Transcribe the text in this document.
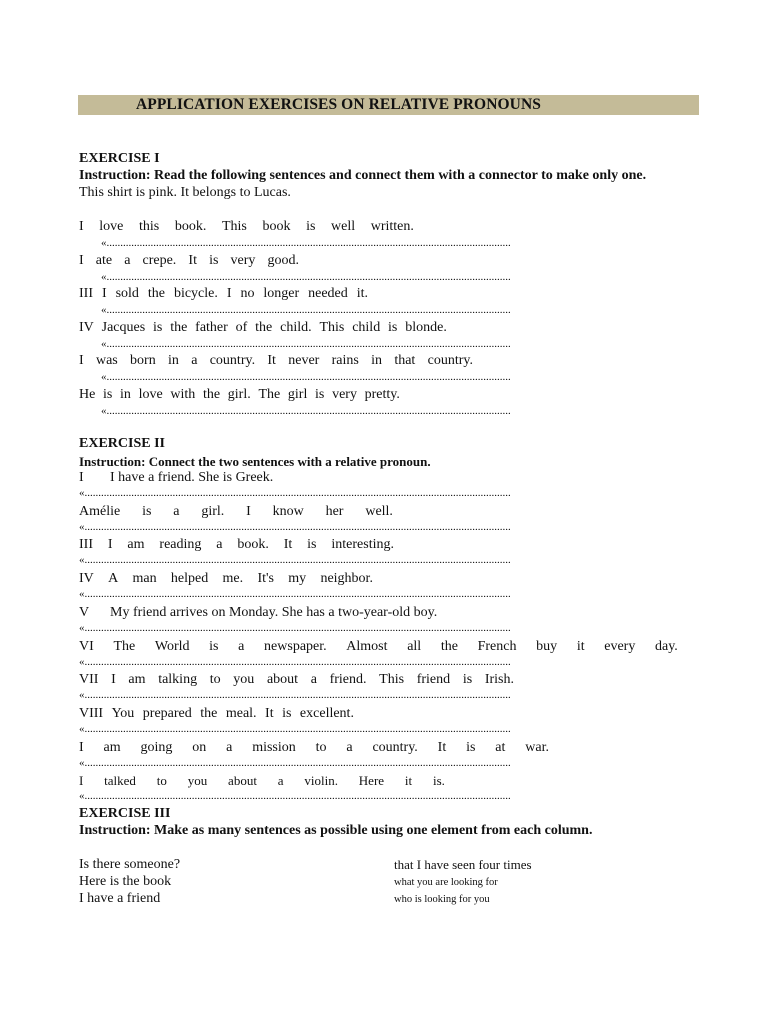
APPLICATION EXERCISES ON RELATIVE PRONOUNS
EXERCISE I
Instruction: Read the following sentences and connect them with a connector to make only one.
This shirt is pink. It belongs to Lucas.
I love this book. This book is well written.
«...................................................................................................................................................
I ate a crepe. It is very good.
«...................................................................................................................................................
III I sold the bicycle. I no longer needed it.
«...................................................................................................................................................
IV Jacques is the father of the child. This child is blonde.
«...................................................................................................................................................
I was born in a country. It never rains in that country.
«...................................................................................................................................................
He is in love with the girl. The girl is very pretty.
«...................................................................................................................................................
EXERCISE II
Instruction: Connect the two sentences with a relative pronoun.
I I have a friend. She is Greek.
«...........................................................................................................................................................
Amélie is a girl. I know her well.
«...........................................................................................................................................................
III I am reading a book. It is interesting.
«...........................................................................................................................................................
IV A man helped me. It's my neighbor.
«...........................................................................................................................................................
V My friend arrives on Monday. She has a two-year-old boy.
«...........................................................................................................................................................
VI The World is a newspaper. Almost all the French buy it every day.
«...........................................................................................................................................................
VII I am talking to you about a friend. This friend is Irish.
«...........................................................................................................................................................
VIII You prepared the meal. It is excellent.
«...........................................................................................................................................................
I am going on a mission to a country. It is at war.
«...........................................................................................................................................................
I talked to you about a violin. Here it is.
«...........................................................................................................................................................
EXERCISE III
Instruction: Make as many sentences as possible using one element from each column.
Is there someone?
Here is the book
I have a friend
that I have seen four times
what you are looking for
who is looking for you
